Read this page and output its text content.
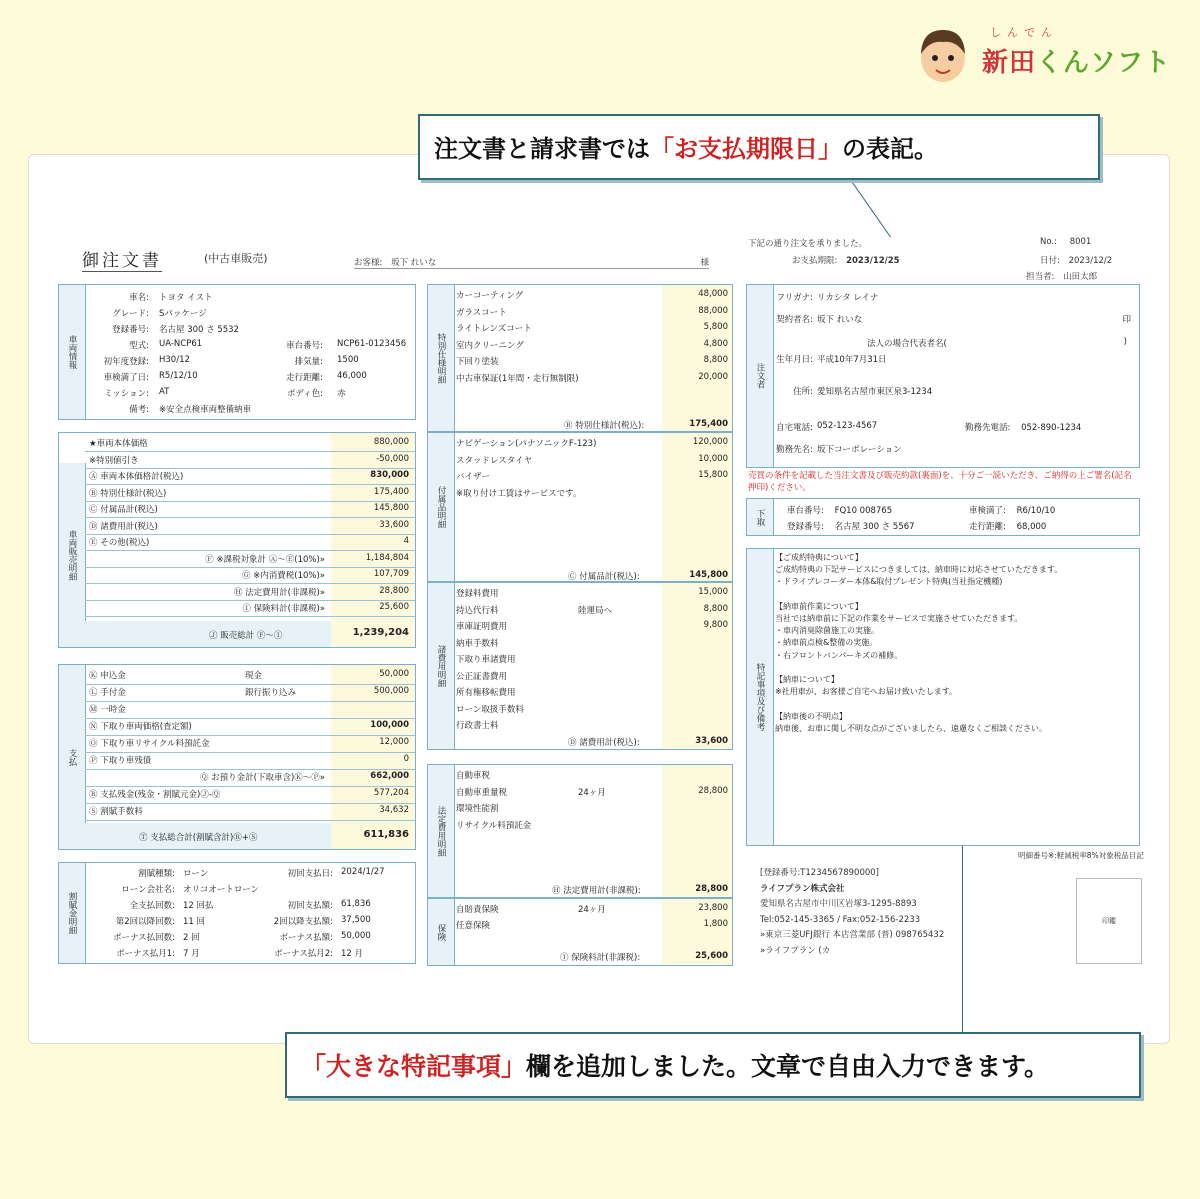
しんでん
新田くんソフト
御注文書	(中古車販売)	お客様: 坂下 れいな	様
下記の通り注文を承りました。	No.: 8001
お支払期限: 2023/12/25	日付: 2023/12/2
担当者: 山田太郎
車両情報
車名: トヨタ イスト
グレード: Sパッケージ
登録番号: 名古屋 300 さ 5532
型式: UA-NCP61	車台番号: NCP61-0123456
初年度登録: H30/12	排気量: 1500
車検満了日: R5/12/10	走行距離: 46,000
ミッション: AT	ボディ色: 赤
備考: ※安全点検車両整備納車
車両販売明細
★車両本体価格	880,000
※特別値引き	-50,000
Ⓐ 車両本体価格計(税込)	830,000
Ⓑ 特別仕様計(税込)	175,400
Ⓒ 付属品計(税込)	145,800
Ⓓ 諸費用計(税込)	33,600
Ⓔ その他(税込)	4
Ⓕ ※課税対象計 Ⓐ〜Ⓔ(10%)»	1,184,804
Ⓖ ※内消費税(10%)»	107,709
Ⓗ 法定費用計(非課税)»	28,800
Ⓘ 保険料計(非課税)»	25,600
Ⓙ 販売総計 Ⓕ〜Ⓘ	1,239,204
支払
Ⓚ 申込金	現金	50,000
Ⓛ 手付金	銀行振り込み	500,000
Ⓜ 一時金
Ⓝ 下取り車両価格(査定額)	100,000
Ⓞ 下取り車リサイクル料預託金	12,000
Ⓟ 下取り車残債	0
Ⓠ お預り金計(下取車含)Ⓚ〜Ⓟ»	662,000
Ⓡ 支払残金(残金・割賦元金)Ⓙ-Ⓠ	577,204
Ⓢ 割賦手数料	34,632
Ⓣ 支払総合計(割賦含計)Ⓡ+Ⓢ	611,836
割賦金明細
割賦種類: ローン	初回支払日: 2024/1/27
ローン会社名: オリコオートローン
全支払回数: 12 回払	初回支払額: 61,836
第2回以降回数: 11 回	2回以降支払額: 37,500
ボーナス払回数: 2 回	ボーナス払額: 50,000
ボーナス払月1: 7 月	ボーナス払月2: 12 月
特別仕様明細
カーコーティング	48,000
ガラスコート	88,000
ライトレンズコート	5,800
室内クリーニング	4,800
下回り塗装	8,800
中古車保証(1年間・走行無制限)	20,000
Ⓑ 特別仕様計(税込):	175,400
付属品明細
ナビゲーション(パナソニックF-123)	120,000
スタッドレスタイヤ	10,000
バイザー	15,800
※取り付け工賃はサービスです。
Ⓒ 付属品計(税込):	145,800
諸費用明細
登録料費用	15,000
持込代行料	陸運局へ	8,800
車庫証明費用	9,800
納車手数料
下取り車諸費用
公正証書費用
所有権移転費用
ローン取扱手数料
行政書士料
Ⓓ 諸費用計(税込):	33,600
法定費用明細
自動車税
自動車重量税	24ヶ月	28,800
環境性能割
リサイクル料預託金
Ⓗ 法定費用計(非課税):	28,800
保険
自賠責保険	24ヶ月	23,800
任意保険	1,800
Ⓘ 保険料計(非課税):	25,600
注文者
フリガナ: リカシタ レイナ
契約者名: 坂下 れいな
法人の場合代表者名(
生年月日: 平成10年7月31日
住所: 愛知県名古屋市東区泉3-1234
自宅電話: 052-123-4567
勤務先名: 坂下コーポレーション
印
)
勤務先電話: 052-890-1234
売買の条件を記載した当注文書及び販売約款(裏面)を、十分ご一読いただき、ご納得の上ご署名(記名押印)ください。
下取	車台番号: FQ10 008765	車検満了: R6/10/10
登録番号: 名古屋 300 さ 5567	走行距離: 68,000
特記事項及び備考
【ご成約特典について】
ご成約特典の下記サービスにつきましては、納車時に対応させていただきます。
・ドライブレコーダー本体&取付プレゼント特典(当社指定機種)
【納車前作業について】
当社では納車前に下記の作業をサービスで実施させていただきます。
・車内消臭除菌施工の実施。
・納車前点検&整備の実施。
・右フロントバンパーキズの補修。
【納車について】
※社用車が、お客様ご自宅へお届け致いたします。
【納車後の不明点】
納車後、お車に関し不明な点がございましたら、遠慮なくご相談ください。
明細番号※:軽減税率8%対象税品目記
[登録番号:T1234567890000]
ライフプラン株式会社
愛知県名古屋市中川区岩塚3-1295-8893
Tel:052-145-3365 / Fax:052-156-2233
»東京三菱UFJ銀行 本店営業部 (普) 098765432
»ライフプラン (カ
印鑑
注文書と請求書では「お支払期限日」の表記。
「大きな特記事項」欄を追加しました。文章で自由入力できます。
